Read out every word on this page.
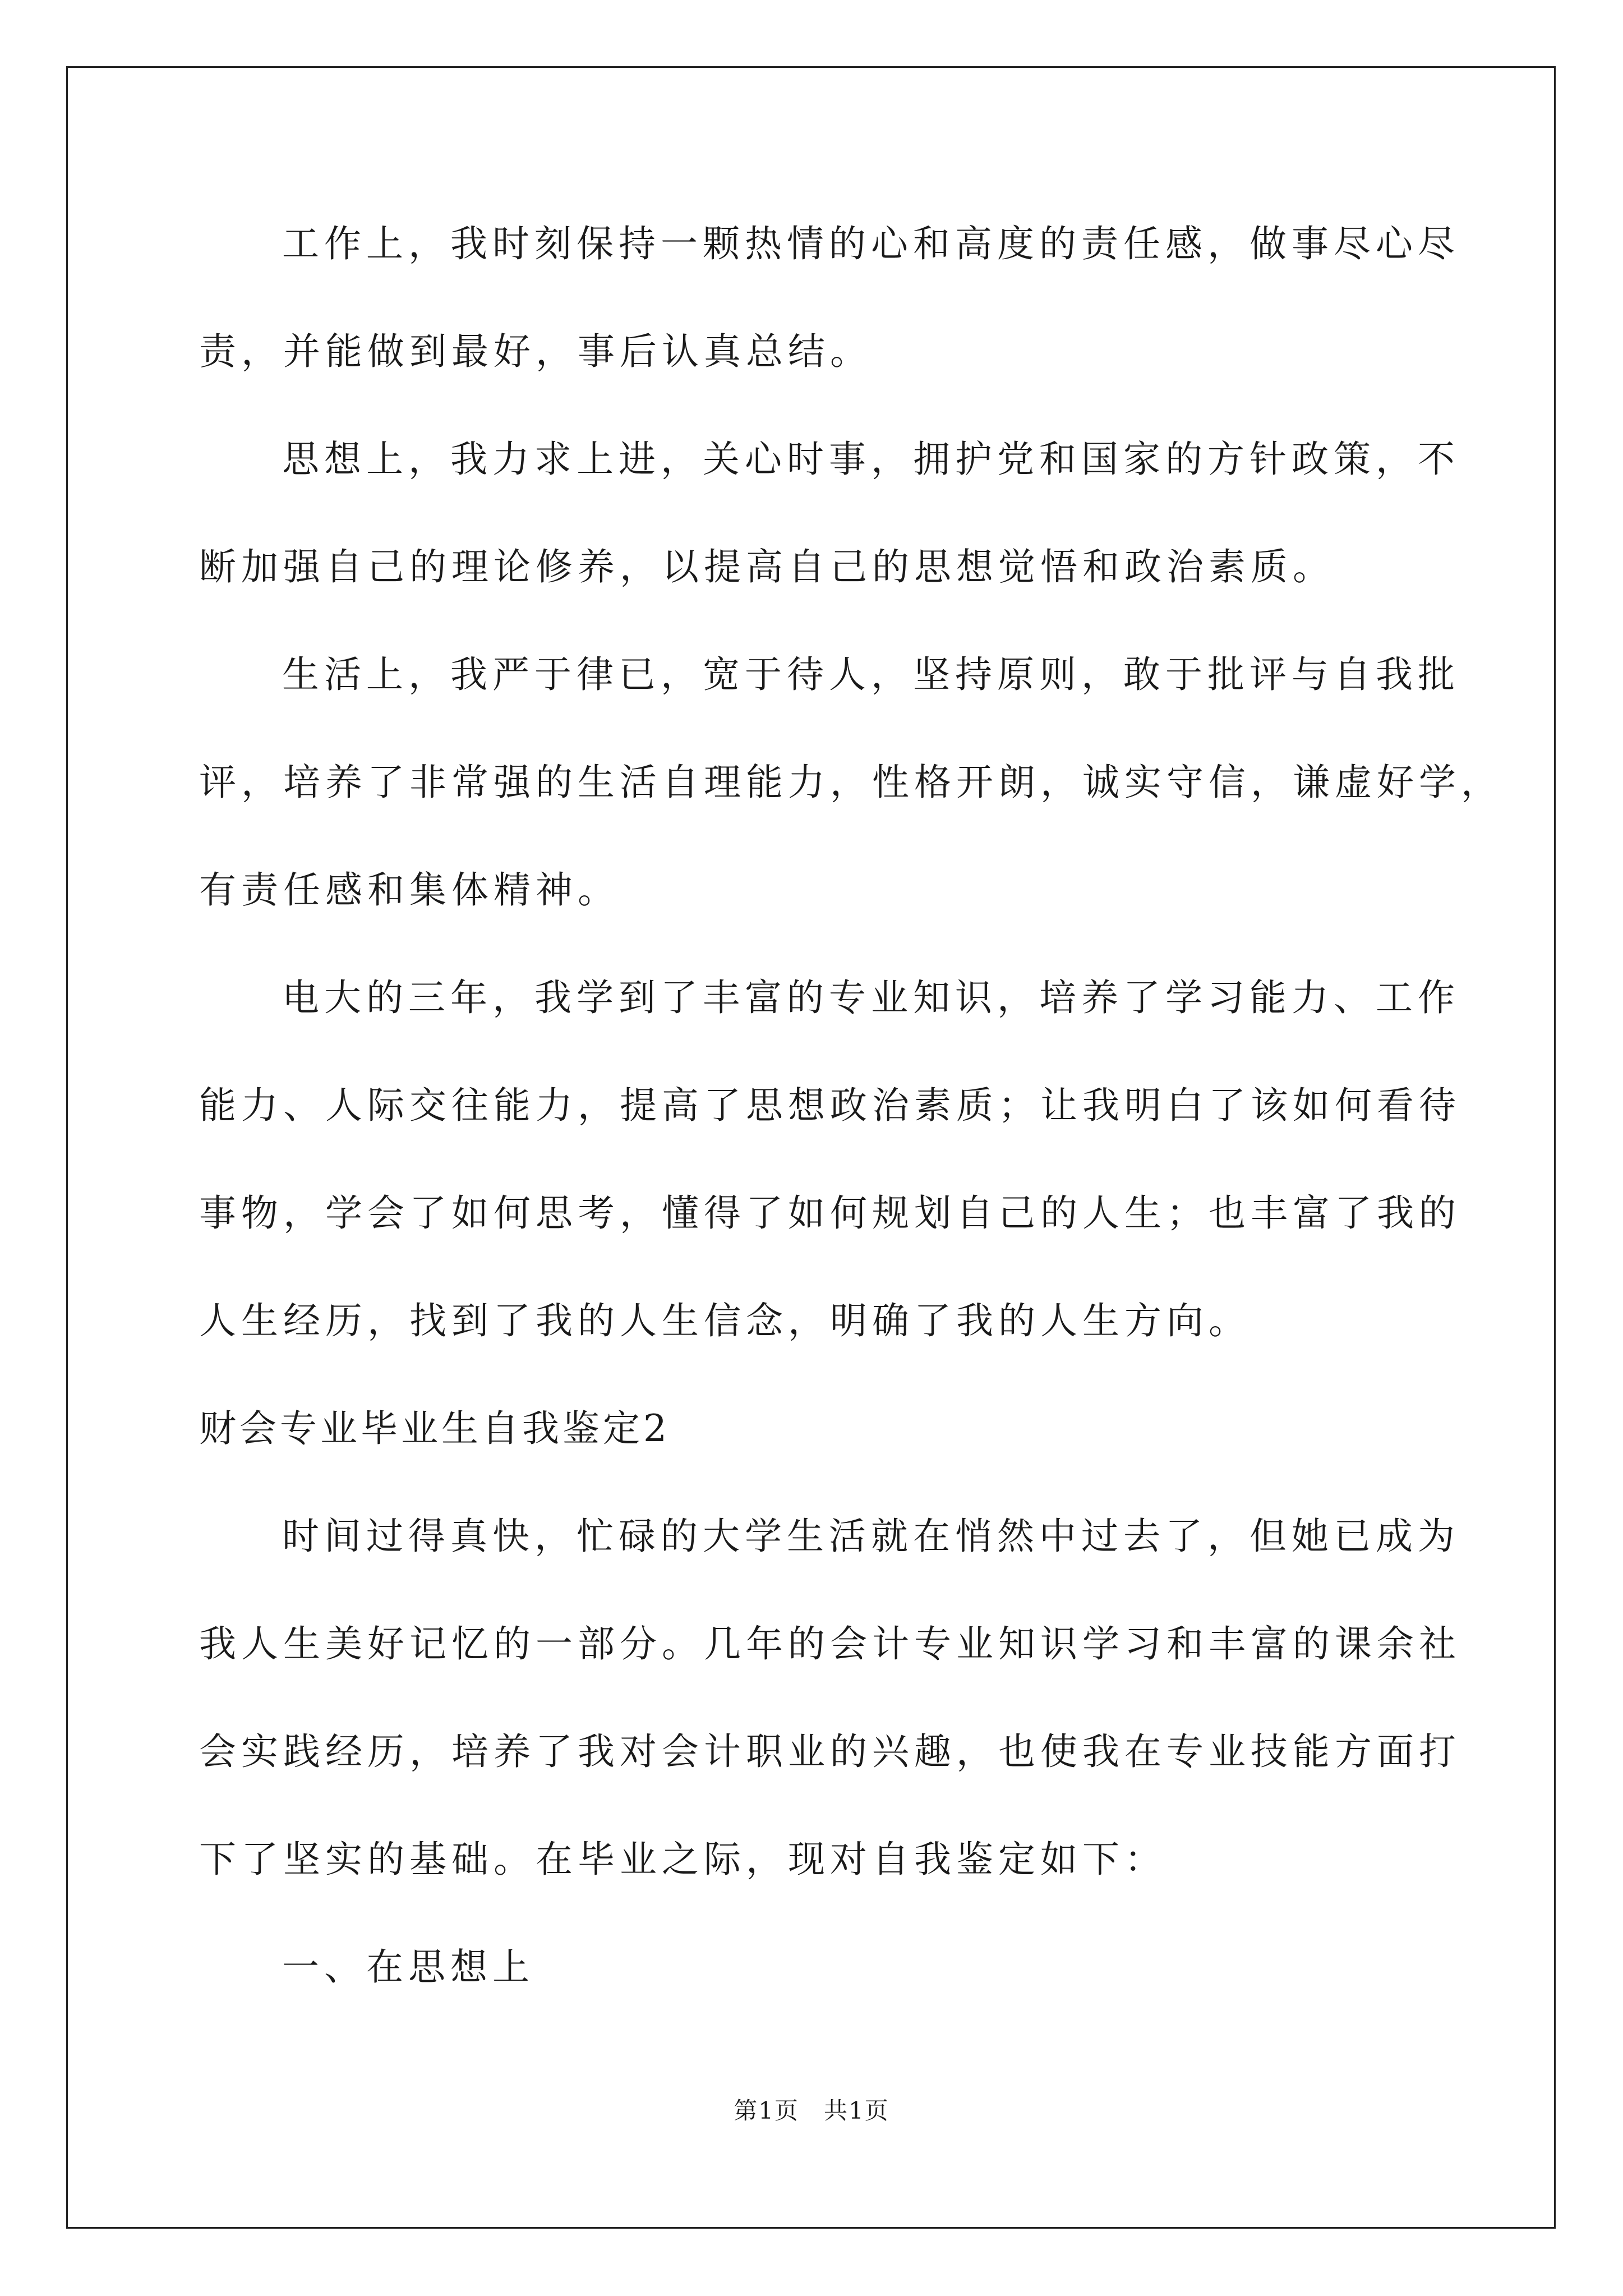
工作上，我时刻保持一颗热情的心和高度的责任感，做事尽心尽
责，并能做到最好，事后认真总结。
思想上，我力求上进，关心时事，拥护党和国家的方针政策，不
断加强自己的理论修养，以提高自己的思想觉悟和政治素质。
生活上，我严于律已，宽于待人，坚持原则，敢于批评与自我批
评，培养了非常强的生活自理能力，性格开朗，诚实守信，谦虚好学，
有责任感和集体精神。
电大的三年，我学到了丰富的专业知识，培养了学习能力、工作
能力、人际交往能力，提高了思想政治素质；让我明白了该如何看待
事物，学会了如何思考，懂得了如何规划自己的人生；也丰富了我的
人生经历，找到了我的人生信念，明确了我的人生方向。
财会专业毕业生自我鉴定2
时间过得真快，忙碌的大学生活就在悄然中过去了，但她已成为
我人生美好记忆的一部分。几年的会计专业知识学习和丰富的课余社
会实践经历，培养了我对会计职业的兴趣，也使我在专业技能方面打
下了坚实的基础。在毕业之际，现对自我鉴定如下：
一、在思想上
第1页　共1页
